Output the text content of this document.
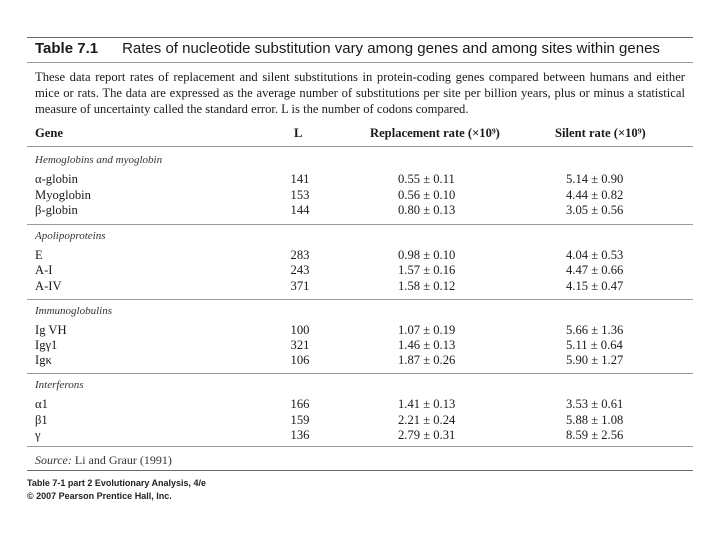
Table 7.1 Rates of nucleotide substitution vary among genes and among sites within genes
These data report rates of replacement and silent substitutions in protein-coding genes compared between humans and either mice or rats. The data are expressed as the average number of substitutions per site per billion years, plus or minus a statistical measure of uncertainty called the standard error. L is the number of codons compared.
Gene	L	Replacement rate (×10⁹)	Silent rate (×10⁹)
Hemoglobins and myoglobin
α-globin	141	0.55 ± 0.11	5.14 ± 0.90
Myoglobin	153	0.56 ± 0.10	4.44 ± 0.82
β-globin	144	0.80 ± 0.13	3.05 ± 0.56
Apolipoproteins
E	283	0.98 ± 0.10	4.04 ± 0.53
A-I	243	1.57 ± 0.16	4.47 ± 0.66
A-IV	371	1.58 ± 0.12	4.15 ± 0.47
Immunoglobulins
Ig VH	100	1.07 ± 0.19	5.66 ± 1.36
Igγ1	321	1.46 ± 0.13	5.11 ± 0.64
Igκ	106	1.87 ± 0.26	5.90 ± 1.27
Interferons
α1	166	1.41 ± 0.13	3.53 ± 0.61
β1	159	2.21 ± 0.24	5.88 ± 1.08
γ	136	2.79 ± 0.31	8.59 ± 2.56
Source: Li and Graur (1991)
Table 7-1 part 2 Evolutionary Analysis, 4/e
© 2007 Pearson Prentice Hall, Inc.
